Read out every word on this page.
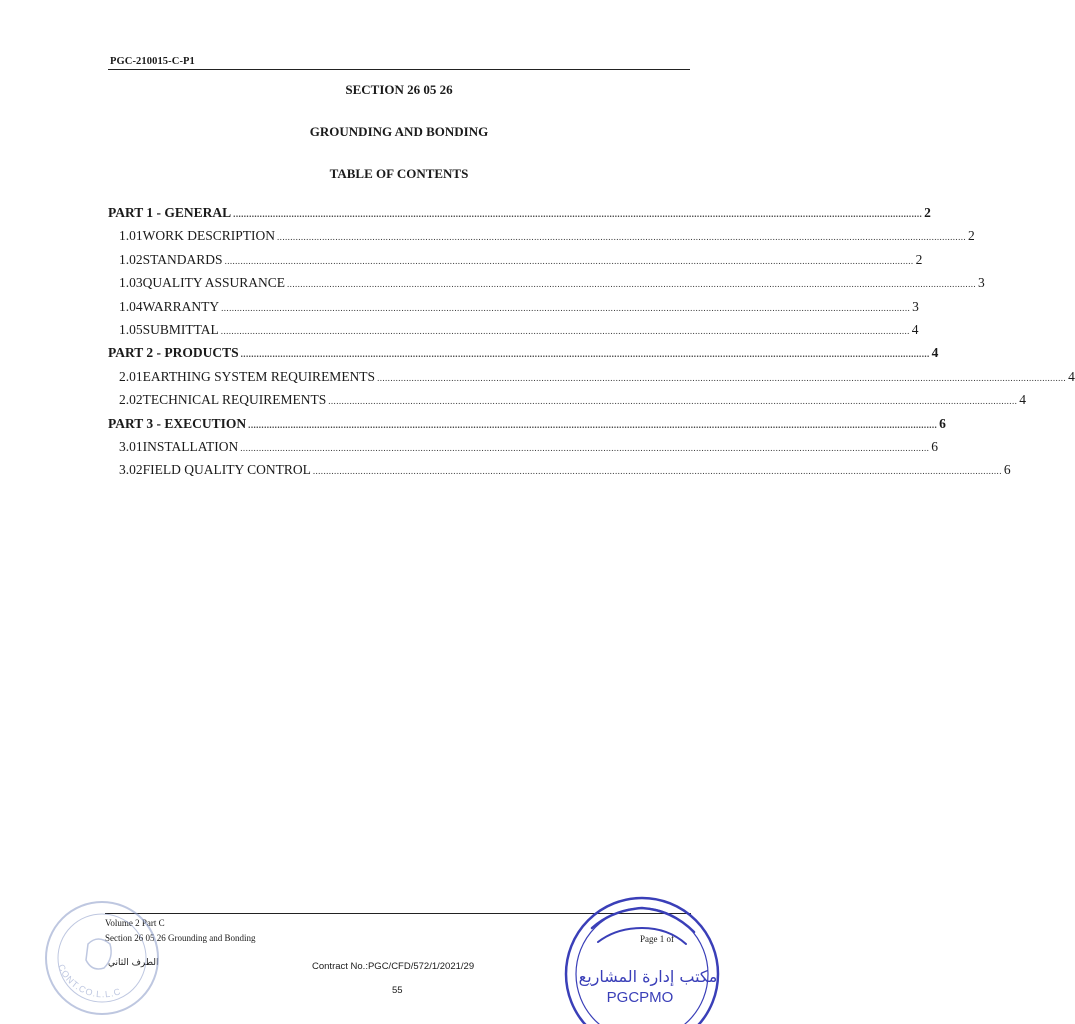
PGC-210015-C-P1
SECTION 26 05 26
GROUNDING AND BONDING
TABLE OF CONTENTS
PART 1 - GENERAL .................................................................................................................................................................................................................................................................... 2
1.01 WORK DESCRIPTION .................................................................................................................................................................................................................................................................... 2
1.02 STANDARDS .................................................................................................................................................................................................................................................................... 2
1.03 QUALITY ASSURANCE .................................................................................................................................................................................................................................................................... 3
1.04 WARRANTY .................................................................................................................................................................................................................................................................... 3
1.05 SUBMITTAL .................................................................................................................................................................................................................................................................... 4
PART 2 - PRODUCTS .................................................................................................................................................................................................................................................................... 4
2.01 EARTHING SYSTEM REQUIREMENTS .................................................................................................................................................................................................................................................................... 4
2.02 TECHNICAL REQUIREMENTS .................................................................................................................................................................................................................................................................... 4
PART 3 - EXECUTION .................................................................................................................................................................................................................................................................... 6
3.01 INSTALLATION .................................................................................................................................................................................................................................................................... 6
3.02 FIELD QUALITY CONTROL .................................................................................................................................................................................................................................................................... 6
Volume 2 Part C
Section 26 05 26 Grounding and Bonding	Page 1 of
Contract No.:PGC/CFD/572/1/2021/29
55
الطرف الثاني
CONT.CO.L.L.C
مكتب إدارة المشاريع
PGCPMO
